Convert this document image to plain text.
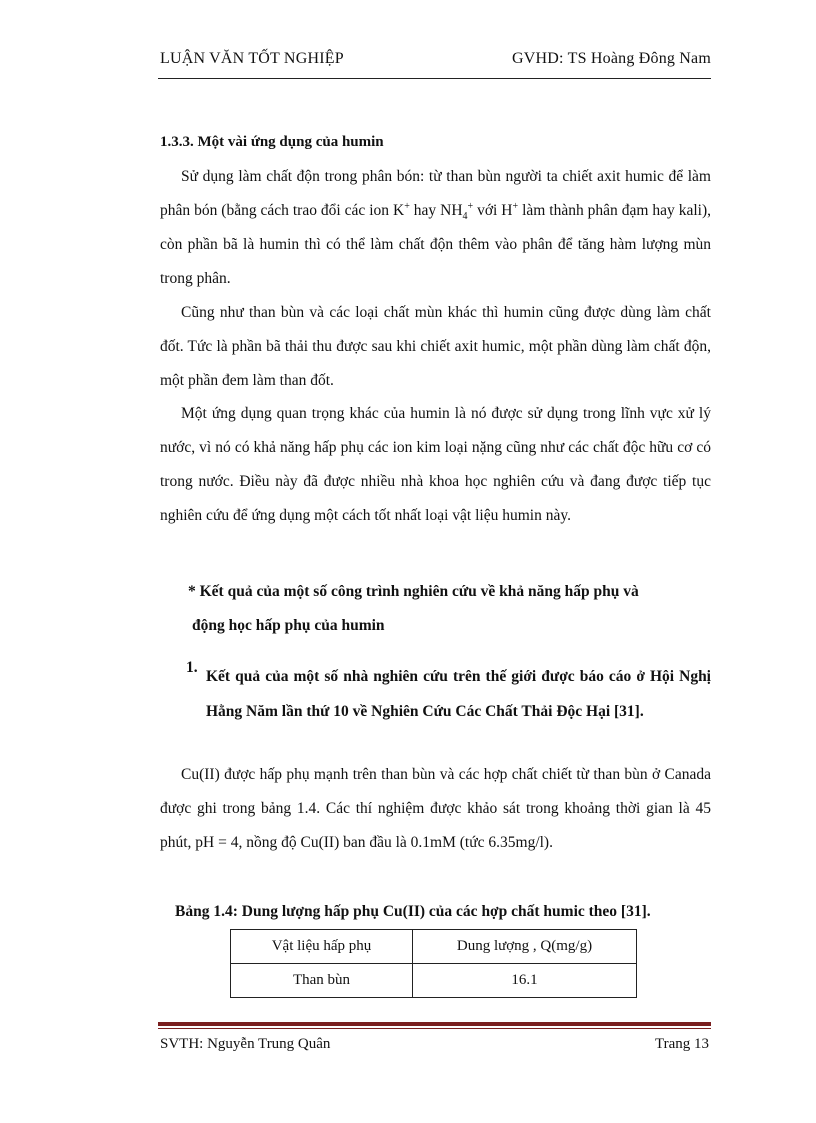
LUẬN VĂN TỐT NGHIỆP	GVHD: TS Hoàng Đông Nam
1.3.3. Một vài ứng dụng của humin
Sử dụng làm chất độn trong phân bón: từ than bùn người ta chiết axit humic để làm phân bón (bằng cách trao đổi các ion K+ hay $NH_4^+$ với H+ làm thành phân đạm hay kali), còn phần bã là humin thì có thể làm chất độn thêm vào phân để tăng hàm lượng mùn trong phân.
Cũng như than bùn và các loại chất mùn khác thì humin cũng được dùng làm chất đốt. Tức là phần bã thải thu được sau khi chiết axit humic, một phần dùng làm chất độn, một phần đem làm than đốt.
Một ứng dụng quan trọng khác của humin là nó được sử dụng trong lĩnh vực xử lý nước, vì nó có khả năng hấp phụ các ion kim loại nặng cũng như các chất độc hữu cơ có trong nước. Điều này đã được nhiều nhà khoa học nghiên cứu và đang được tiếp tục nghiên cứu để ứng dụng một cách tốt nhất loại vật liệu humin này.
* Kết quả của một số công trình nghiên cứu về khả năng hấp phụ và
động học hấp phụ của humin
1.
Kết quả của một số nhà nghiên cứu trên thế giới được báo cáo ở Hội Nghị Hằng Năm lần thứ 10 về Nghiên Cứu Các Chất Thải Độc Hại [31].
Cu(II) được hấp phụ mạnh trên than bùn và các hợp chất chiết từ than bùn ở Canada được ghi trong bảng 1.4. Các thí nghiệm được khảo sát trong khoảng thời gian là 45 phút, pH = 4, nồng độ Cu(II) ban đầu là 0.1mM (tức 6.35mg/l).
Bảng 1.4: Dung lượng hấp phụ Cu(II) của các hợp chất humic theo [31].
Vật liệu hấp phụ	Dung lượng , Q(mg/g)
Than bùn	16.1
SVTH: Nguyễn Trung Quân	Trang 13
